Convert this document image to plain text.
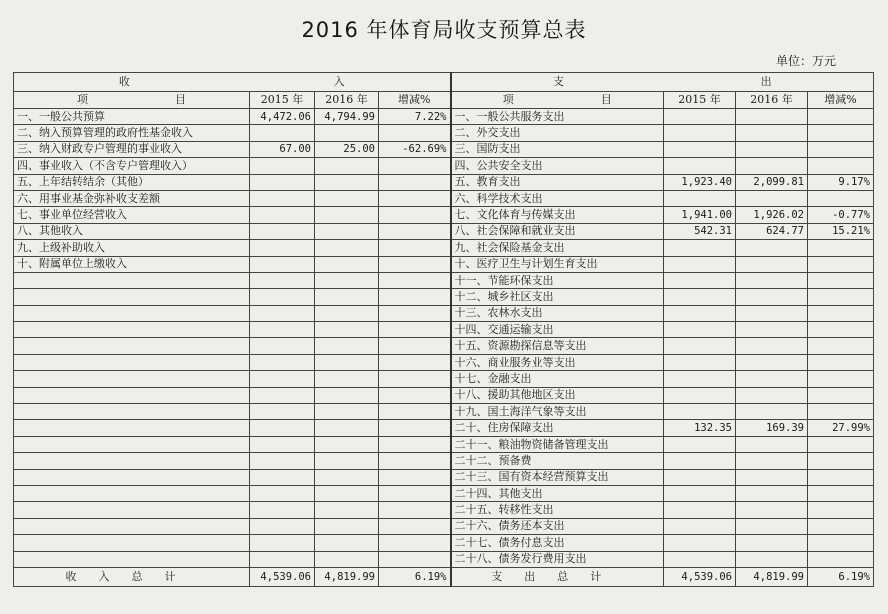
2016 年体育局收支预算总表
单位：万元
收 入				支 出			
项 目	2015 年	2016 年	增减%	项 目	2015 年	2016 年	增减%
一、一般公共预算	4,472.06	4,794.99	7.22%	一、一般公共服务支出			
二、纳入预算管理的政府性基金收入				二、外交支出			
三、纳入财政专户管理的事业收入	67.00	25.00	-62.69%	三、国防支出			
四、事业收入（不含专户管理收入）				四、公共安全支出			
五、上年结转结余（其他）				五、教育支出	1,923.40	2,099.81	9.17%
六、用事业基金弥补收支差额				六、科学技术支出			
七、事业单位经营收入				七、文化体育与传媒支出	1,941.00	1,926.02	-0.77%
八、其他收入				八、社会保障和就业支出	542.31	624.77	15.21%
九、上级补助收入				九、社会保险基金支出			
十、附属单位上缴收入				十、医疗卫生与计划生育支出			
				十一、节能环保支出			
				十二、城乡社区支出			
				十三、农林水支出			
				十四、交通运输支出			
				十五、资源勘探信息等支出			
				十六、商业服务业等支出			
				十七、金融支出			
				十八、援助其他地区支出			
				十九、国土海洋气象等支出			
				二十、住房保障支出	132.35	169.39	27.99%
				二十一、粮油物资储备管理支出			
				二十二、预备费			
				二十三、国有资本经营预算支出			
				二十四、其他支出			
				二十五、转移性支出			
				二十六、债务还本支出			
				二十七、债务付息支出			
				二十八、债务发行费用支出			
收入总计	4,539.06	4,819.99	6.19%	支出总计	4,539.06	4,819.99	6.19%
